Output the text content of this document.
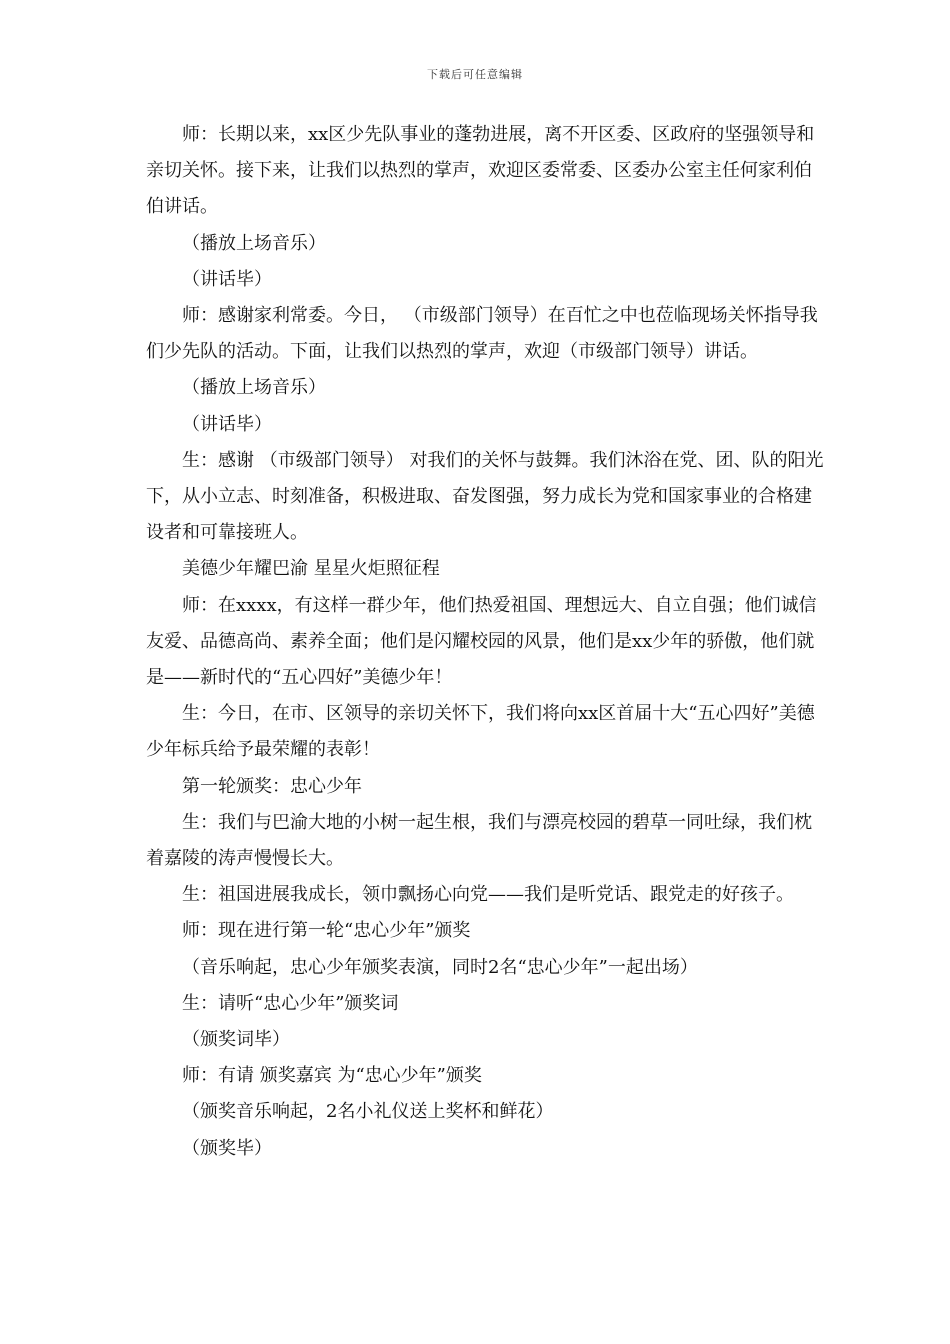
下载后可任意编辑

师：长期以来，xx区少先队事业的蓬勃进展，离不开区委、区政府的坚强领导和亲切关怀。接下来，让我们以热烈的掌声，欢迎区委常委、区委办公室主任何家利伯伯讲话。

（播放上场音乐）

（讲话毕）

师：感谢家利常委。今日， （市级部门领导）在百忙之中也莅临现场关怀指导我们少先队的活动。下面，让我们以热烈的掌声，欢迎（市级部门领导）讲话。

（播放上场音乐）

（讲话毕）

生：感谢 （市级部门领导） 对我们的关怀与鼓舞。我们沐浴在党、团、队的阳光下，从小立志、时刻准备，积极进取、奋发图强，努力成长为党和国家事业的合格建设者和可靠接班人。

美德少年耀巴渝 星星火炬照征程

师：在xxxx，有这样一群少年，他们热爱祖国、理想远大、自立自强；他们诚信友爱、品德高尚、素养全面；他们是闪耀校园的风景，他们是xx少年的骄傲，他们就是——新时代的“五心四好”美德少年！

生：今日，在市、区领导的亲切关怀下，我们将向xx区首届十大“五心四好”美德少年标兵给予最荣耀的表彰！

第一轮颁奖：忠心少年

生：我们与巴渝大地的小树一起生根，我们与漂亮校园的碧草一同吐绿，我们枕着嘉陵的涛声慢慢长大。

生：祖国进展我成长，领巾飘扬心向党——我们是听党话、跟党走的好孩子。

师：现在进行第一轮“忠心少年”颁奖

（音乐响起，忠心少年颁奖表演，同时2名“忠心少年”一起出场）

生：请听“忠心少年”颁奖词

（颁奖词毕）

师：有请 颁奖嘉宾 为“忠心少年”颁奖

（颁奖音乐响起，2名小礼仪送上奖杯和鲜花）

（颁奖毕）
